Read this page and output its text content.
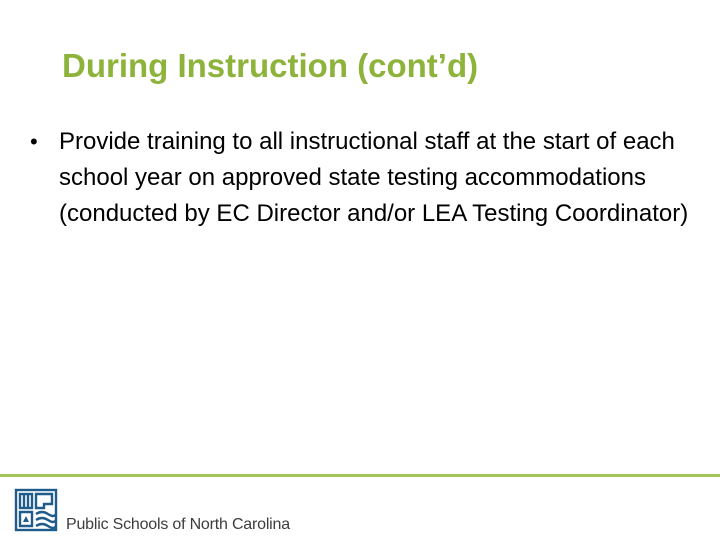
During Instruction (cont’d)
• Provide training to all instructional staff at the start of each school year on approved state testing accommodations (conducted by EC Director and/or LEA Testing Coordinator)
Public Schools of North Carolina
